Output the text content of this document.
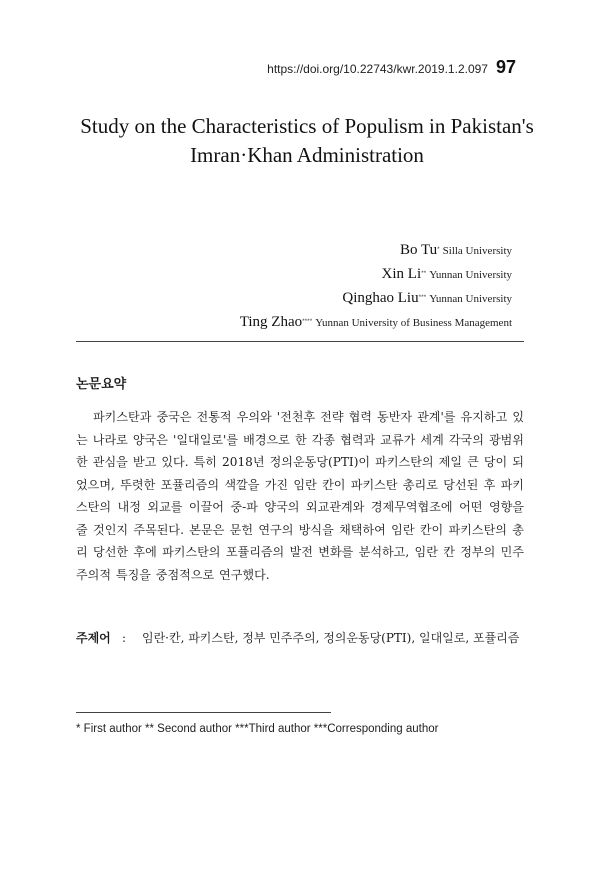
https://doi.org/10.22743/kwr.2019.1.2.097 97
Study on the Characteristics of Populism in Pakistan's
Imran·Khan Administration
Bo Tu* Silla University
Xin Li** Yunnan University
Qinghao Liu*** Yunnan University
Ting Zhao**** Yunnan University of Business Management
논문요약

파키스탄과 중국은 전통적 우의와 '전천후 전략 협력 동반자 관계'를 유지하고 있는 나라로 양국은 '일대일로'를 배경으로 한 각종 협력과 교류가 세계 각국의 광범위한 관심을 받고 있다. 특히 2018년 정의운동당(PTI)이 파키스탄의 제일 큰 당이 되었으며, 뚜렷한 포퓰리즘의 색깔을 가진 임란 칸이 파키스탄 총리로 당선된 후 파키스탄의 내정 외교를 이끌어 중-파 양국의 외교관계와 경제무역협조에 어떤 영향을 줄 것인지 주목된다. 본문은 문헌 연구의 방식을 채택하여 임란 칸이 파키스탄의 총리 당선한 후에 파키스탄의 포퓰리즘의 발전 변화를 분석하고, 임란 칸 정부의 민주주의적 특징을 중점적으로 연구했다.

주제어 :	임란·칸, 파키스탄, 정부 민주주의, 정의운동당(PTI), 일대일로, 포퓰리즘
* First author ** Second author ***Third author ***Corresponding author
